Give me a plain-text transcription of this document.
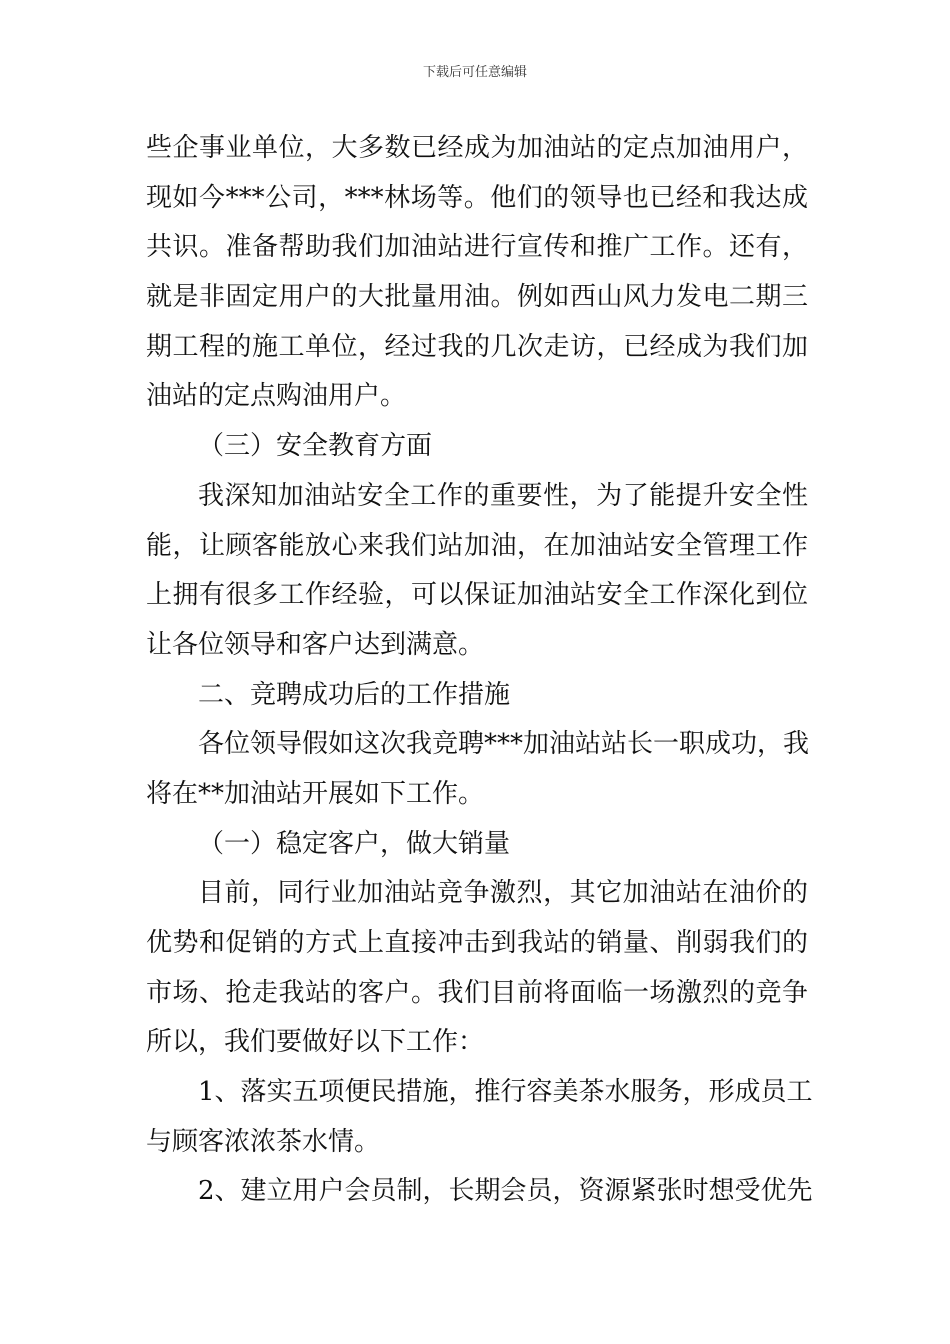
下载后可任意编辑
些企事业单位，大多数已经成为加油站的定点加油用户，
现如今***公司，***林场等。他们的领导也已经和我达成
共识。准备帮助我们加油站进行宣传和推广工作。还有，
就是非固定用户的大批量用油。例如西山风力发电二期三
期工程的施工单位，经过我的几次走访，已经成为我们加
油站的定点购油用户。
（三）安全教育方面
我深知加油站安全工作的重要性，为了能提升安全性
能，让顾客能放心来我们站加油，在加油站安全管理工作
上拥有很多工作经验，可以保证加油站安全工作深化到位
让各位领导和客户达到满意。
二、竞聘成功后的工作措施
各位领导假如这次我竞聘***加油站站长一职成功，我
将在**加油站开展如下工作。
（一）稳定客户，做大销量
目前，同行业加油站竞争激烈，其它加油站在油价的
优势和促销的方式上直接冲击到我站的销量、削弱我们的
市场、抢走我站的客户。我们目前将面临一场激烈的竞争
所以，我们要做好以下工作：
1、落实五项便民措施，推行容美茶水服务，形成员工
与顾客浓浓茶水情。
2、建立用户会员制，长期会员，资源紧张时想受优先
